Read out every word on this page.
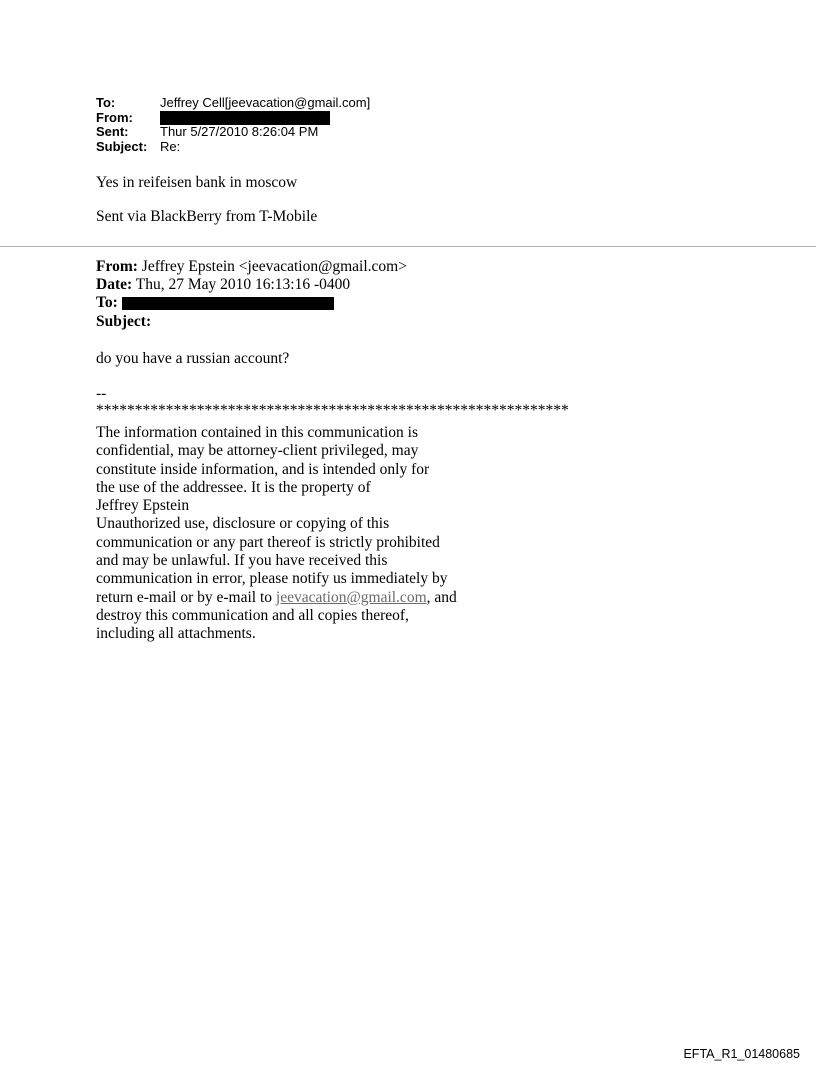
To:	Jeffrey Cell[jeevacation@gmail.com]
From:
Sent:	Thur 5/27/2010 8:26:04 PM
Subject: Re:
Yes in reifeisen bank in moscow
Sent via BlackBerry from T-Mobile
From: Jeffrey Epstein <jeevacation@gmail.com>
Date: Thu, 27 May 2010 16:13:16 -0400
To:
Subject:
do you have a russian account?
--
*************************************************************
The information contained in this communication is
confidential, may be attorney-client privileged, may
constitute inside information, and is intended only for
the use of the addressee. It is the property of
Jeffrey Epstein
Unauthorized use, disclosure or copying of this
communication or any part thereof is strictly prohibited
and may be unlawful. If you have received this
communication in error, please notify us immediately by
return e-mail or by e-mail to jeevacation@gmail.com, and
destroy this communication and all copies thereof,
including all attachments.
EFTA_R1_01480685
